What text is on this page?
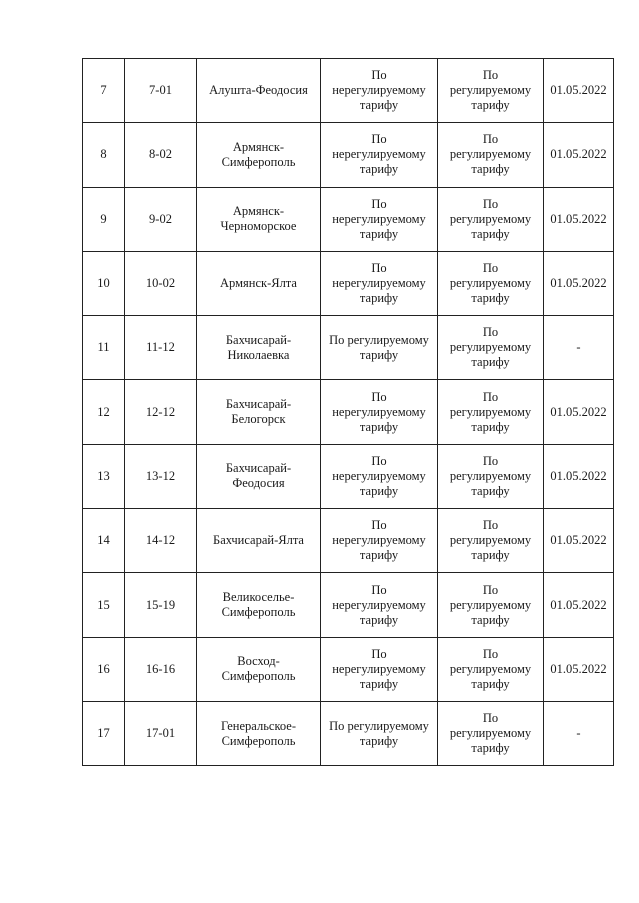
7	7-01	Алушта-Феодосия	По
нерегулируемому
тарифу	По
регулируемому
тарифу	01.05.2022
8	8-02	Армянск-
Симферополь	По
нерегулируемому
тарифу	По
регулируемому
тарифу	01.05.2022
9	9-02	Армянск-
Черноморское	По
нерегулируемому
тарифу	По
регулируемому
тарифу	01.05.2022
10	10-02	Армянск-Ялта	По
нерегулируемому
тарифу	По
регулируемому
тарифу	01.05.2022
11	11-12	Бахчисарай-
Николаевка	По регулируемому
тарифу	По
регулируемому
тарифу	-
12	12-12	Бахчисарай-
Белогорск	По
нерегулируемому
тарифу	По
регулируемому
тарифу	01.05.2022
13	13-12	Бахчисарай-
Феодосия	По
нерегулируемому
тарифу	По
регулируемому
тарифу	01.05.2022
14	14-12	Бахчисарай-Ялта	По
нерегулируемому
тарифу	По
регулируемому
тарифу	01.05.2022
15	15-19	Великоселье-
Симферополь	По
нерегулируемому
тарифу	По
регулируемому
тарифу	01.05.2022
16	16-16	Восход-
Симферополь	По
нерегулируемому
тарифу	По
регулируемому
тарифу	01.05.2022
17	17-01	Генеральское-
Симферополь	По регулируемому
тарифу	По
регулируемому
тарифу	-
